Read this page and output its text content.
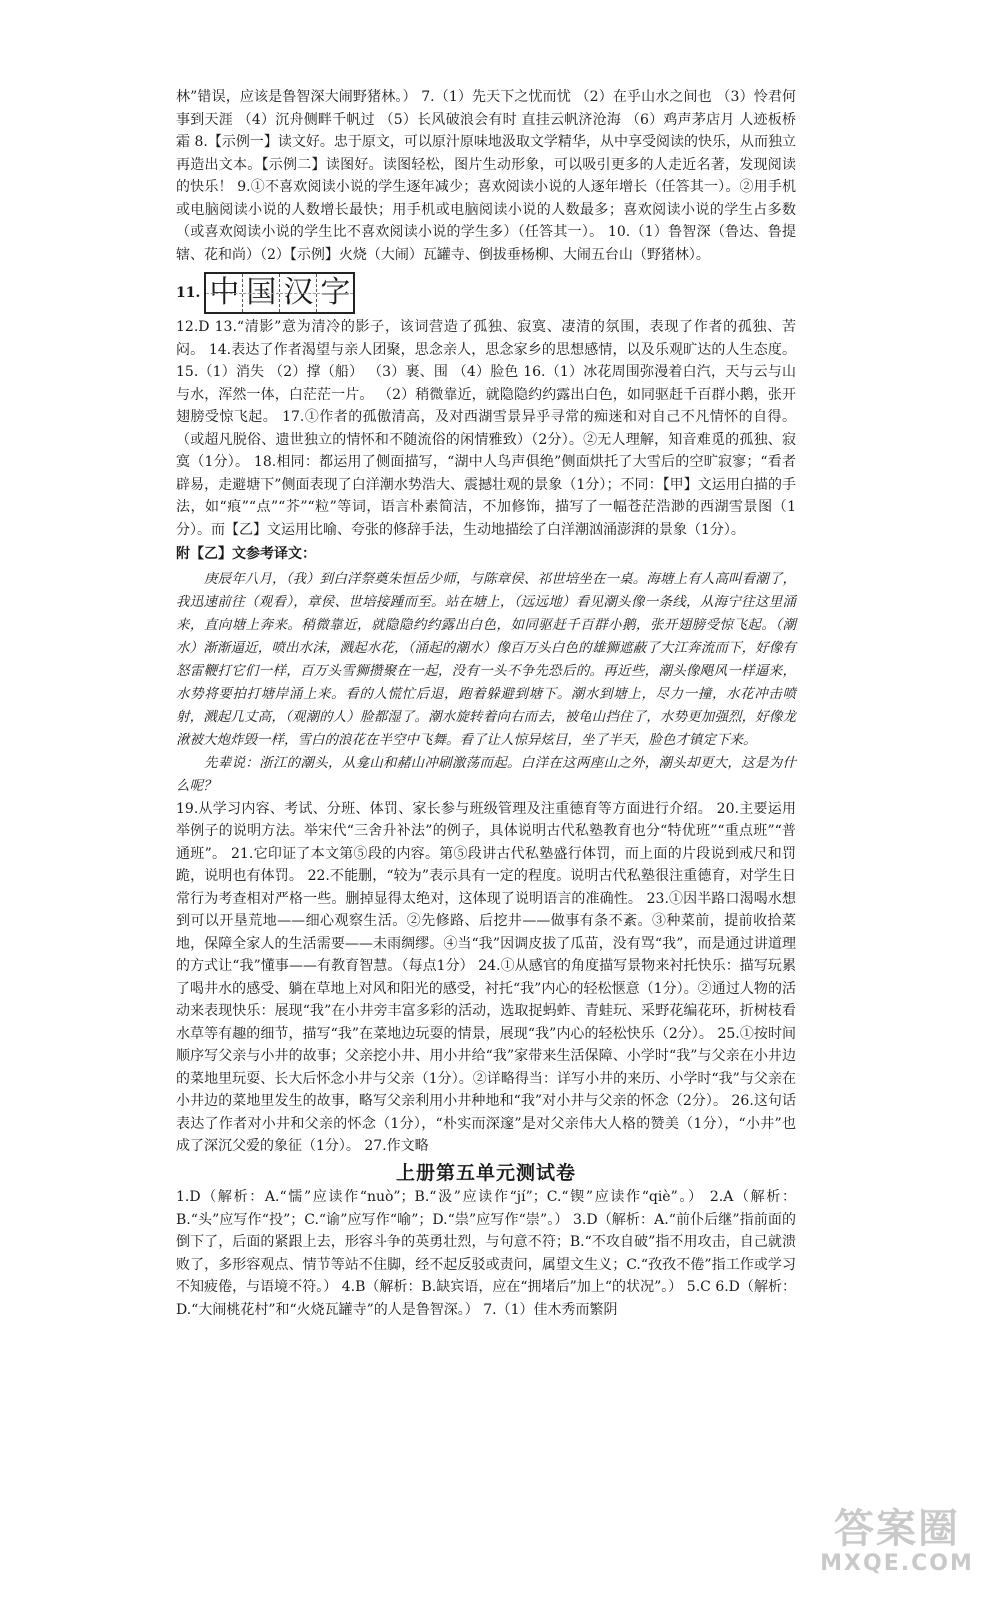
林”错误，应该是鲁智深大闹野猪林。） 7.（1）先天下之忧而忧 （2）在乎山水之间也 （3）怜君何事到天涯 （4）沉舟侧畔千帆过 （5）长风破浪会有时 直挂云帆济沧海 （6）鸡声茅店月 人迹板桥霜 8.【示例一】读文好。忠于原文，可以原汁原味地汲取文学精华，从中享受阅读的快乐，从而独立再造出文本。【示例二】读图好。读图轻松，图片生动形象，可以吸引更多的人走近名著，发现阅读的快乐！ 9.①不喜欢阅读小说的学生逐年减少；喜欢阅读小说的人逐年增长（任答其一）。②用手机或电脑阅读小说的人数增长最快；用手机或电脑阅读小说的人数最多；喜欢阅读小说的学生占多数（或喜欢阅读小说的学生比不喜欢阅读小说的学生多）（任答其一）。 10.（1）鲁智深（鲁达、鲁提辖、花和尚）（2）【示例】火烧（大闹）瓦罐寺、倒拔垂杨柳、大闹五台山（野猪林）。

11. 中 国 汉 字

12.D 13.“清影”意为清冷的影子，该词营造了孤独、寂寞、凄清的氛围，表现了作者的孤独、苦闷。 14.表达了作者渴望与亲人团聚，思念亲人，思念家乡的思想感情，以及乐观旷达的人生态度。 15.（1）消失 （2）撑（船） （3）裹、围 （4）脸色 16.（1）冰花周围弥漫着白汽，天与云与山与水，浑然一体，白茫茫一片。 （2）稍微靠近，就隐隐约约露出白色，如同驱赶千百群小鹅，张开翅膀受惊飞起。 17.①作者的孤傲清高，及对西湖雪景异乎寻常的痴迷和对自己不凡情怀的自得。（或超凡脱俗、遗世独立的情怀和不随流俗的闲情雅致）（2分）。②无人理解，知音难觅的孤独、寂寞（1分）。 18.相同：都运用了侧面描写，“湖中人鸟声俱绝”侧面烘托了大雪后的空旷寂寥；“看者辟易，走避塘下”侧面表现了白洋潮水势浩大、震撼壮观的景象（1分）；不同：【甲】文运用白描的手法，如“痕”“点”“芥”“粒”等词，语言朴素简洁，不加修饰，描写了一幅苍茫浩渺的西湖雪景图（1分）。而【乙】文运用比喻、夸张的修辞手法，生动地描绘了白洋潮汹涌澎湃的景象（1分）。

附【乙】文参考译文：

庚辰年八月，（我）到白洋祭奠朱恒岳少师，与陈章侯、祁世培坐在一桌。海塘上有人高叫看潮了，我迅速前往（观看），章侯、世培接踵而至。站在塘上，（远远地）看见潮头像一条线，从海宁往这里涌来，直向塘上奔来。稍微靠近，就隐隐约约露出白色，如同驱赶千百群小鹅，张开翅膀受惊飞起。（潮水）渐渐逼近，喷出水沫，溅起水花，（涌起的潮水）像百万头白色的雄狮遮蔽了大江奔流而下，好像有怒雷鞭打它们一样，百万头雪狮攒聚在一起，没有一头不争先恐后的。再近些，潮头像飓风一样逼来，水势将要拍打塘岸涌上来。看的人慌忙后退，跑着躲避到塘下。潮水到塘上，尽力一撞，水花冲击喷射，溅起几丈高，（观潮的人）脸都湿了。潮水旋转着向右而去，被龟山挡住了，水势更加强烈，好像龙湫被大炮炸毁一样，雪白的浪花在半空中飞舞。看了让人惊异炫目，坐了半天，脸色才镇定下来。

先辈说：浙江的潮头，从龛山和赭山冲刷激荡而起。白洋在这两座山之外，潮头却更大，这是为什么呢？

19.从学习内容、考试、分班、体罚、家长参与班级管理及注重德育等方面进行介绍。 20.主要运用举例子的说明方法。举宋代“三舍升补法”的例子，具体说明古代私塾教育也分“特优班”“重点班”“普通班”。 21.它印证了本文第⑤段的内容。第⑤段讲古代私塾盛行体罚，而上面的片段说到戒尺和罚跪，说明也有体罚。 22.不能删，“较为”表示具有一定的程度。说明古代私塾很注重德育，对学生日常行为考查相对严格一些。删掉显得太绝对，这体现了说明语言的准确性。 23.①因半路口渴喝水想到可以开垦荒地——细心观察生活。②先修路、后挖井——做事有条不紊。③种菜前，提前收拾菜地，保障全家人的生活需要——未雨绸缪。④当“我”因调皮拔了瓜苗，没有骂“我”，而是通过讲道理的方式让“我”懂事——有教育智慧。（每点1分） 24.①从感官的角度描写景物来衬托快乐：描写玩累了喝井水的感受、躺在草地上对风和阳光的感受，衬托“我”内心的轻松惬意（1分）。②通过人物的活动来表现快乐：展现“我”在小井旁丰富多彩的活动，选取捉蚂蚱、青蛙玩、采野花编花环，折树枝看水草等有趣的细节，描写“我”在菜地边玩耍的情景，展现“我”内心的轻松快乐（2分）。 25.①按时间顺序写父亲与小井的故事；父亲挖小井、用小井给“我”家带来生活保障、小学时“我”与父亲在小井边的菜地里玩耍、长大后怀念小井与父亲（1分）。②详略得当：详写小井的来历、小学时“我”与父亲在小井边的菜地里发生的故事，略写父亲利用小井种地和“我”对小井与父亲的怀念（2分）。 26.这句话表达了作者对小井和父亲的怀念（1分），“朴实而深邃”是对父亲伟大人格的赞美（1分），“小井”也成了深沉父爱的象征（1分）。 27.作文略

上册第五单元测试卷

1.D（解析：A.“懦”应读作“nuò”；B.“汲”应读作“jí”；C.“锲”应读作“qiè”。） 2.A（解析：B.“头”应写作“投”；C.“谕”应写作“喻”；D.“祟”应写作“崇”。） 3.D（解析：A.“前仆后继”指前面的倒下了，后面的紧跟上去，形容斗争的英勇壮烈，与句意不符；B.“不攻自破”指不用攻击，自己就溃败了，多形容观点、情节等站不住脚，经不起反驳或责问，属望文生义；C.“孜孜不倦”指工作或学习不知疲倦，与语境不符。） 4.B（解析：B.缺宾语，应在“拥堵后”加上“的状况”。） 5.C 6.D（解析：D.“大闹桃花村”和“火烧瓦罐寺”的人是鲁智深。） 7.（1）佳木秀而繁阴

答案圈
MXQE.COM
